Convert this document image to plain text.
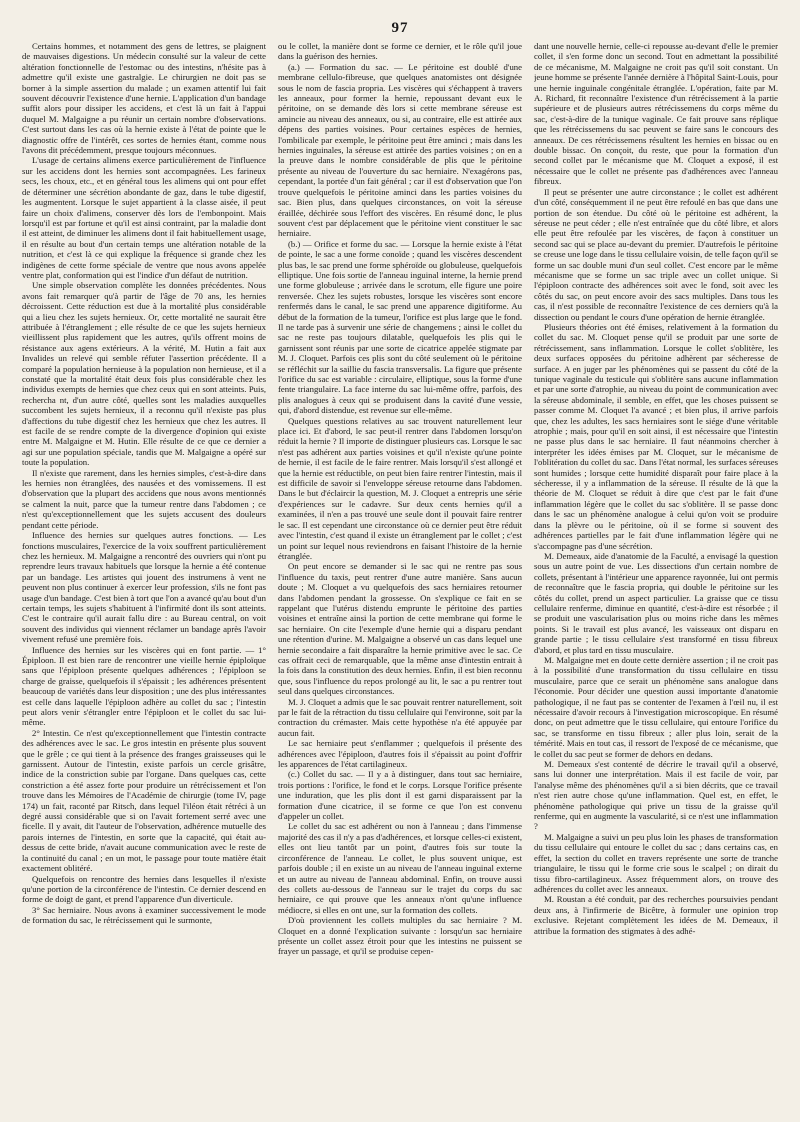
97

Certains hommes, et notamment des gens de lettres, se plaignent de mauvaises digestions. Un médecin consulté sur la valeur de cette altération fonctionnelle de l'estomac ou des intestins, n'hésite pas à admettre qu'il existe une gastralgie. Le chirurgien ne doit pas se borner à la simple assertion du malade ; un examen attentif lui fait souvent découvrir l'existence d'une hernie. L'application d'un bandage suffit alors pour dissiper les accidens, et c'est là un fait à l'appui duquel M. Malgaigne a pu réunir un certain nombre d'observations. C'est surtout dans les cas où la hernie existe à l'état de pointe que le diagnostic offre de l'intérêt, ces sortes de hernies étant, comme nous l'avons dit précédemment, presque toujours méconnues.

L'usage de certains alimens exerce particulièrement de l'influence sur les accidens dont les hernies sont accompagnées. Les farineux secs, les choux, etc., et en général tous les alimens qui ont pour effet de déterminer une sécrétion abondante de gaz, dans le tube digestif, les augmentent. Lorsque le sujet appartient à la classe aisée, il peut faire un choix d'alimens, conserver dès lors de l'embonpoint. Mais lorsqu'il est par fortune et qu'il est ainsi contraint, par la maladie dont il est atteint, de diminuer les alimens dont il fait habituellement usage, il en résulte au bout d'un certain temps une altération notable de la nutrition, et c'est là ce qui explique la fréquence si grande chez les indigènes de cette forme spéciale de ventre que nous avons appelée ventre plat, conformation qui est l'indice d'un défaut de nutrition.

Une simple observation complète les données précédentes. Nous avons fait remarquer qu'à partir de l'âge de 70 ans, les hernies décroissent. Cette réduction est due à la mortalité plus considérable qui a lieu chez les sujets hernieux. Or, cette mortalité ne saurait être attribuée à l'étranglement ; elle résulte de ce que les sujets hernieux vieillissent plus rapidement que les autres, qu'ils offrent moins de résistance aux agens extérieurs. A la vérité, M. Hutin a fait aux Invalides un relevé qui semble réfuter l'assertion précédente. Il a comparé la population hernieuse à la population non hernieuse, et il a constaté que la mortalité était deux fois plus considérable chez les individus exempts de hernies que chez ceux qui en sont atteints. Puis, rechercha nt, d'un autre côté, quelles sont les maladies auxquelles succombent les sujets hernieux, il a reconnu qu'il n'existe pas plus d'affections du tube digestif chez les hernieux que chez les autres. Il est facile de se rendre compte de la divergence d'opinion qui existe entre M. Malgaigne et M. Hutin. Elle résulte de ce que ce dernier a agi sur une population spéciale, tandis que M. Malgaigne a opéré sur toute la population.

Il n'existe que rarement, dans les hernies simples, c'est-à-dire dans les hernies non étranglées, des nausées et des vomissemens. Il est d'observation que la plupart des accidens que nous avons mentionnés se calment la nuit, parce que la tumeur rentre dans l'abdomen ; ce n'est qu'exceptionnellement que les sujets accusent des douleurs pendant cette période.

Influence des hernies sur quelques autres fonctions. — Les fonctions musculaires, l'exercice de la voix souffrent particulièrement chez les hernieux. M. Malgaigne a rencontré des ouvriers qui n'ont pu reprendre leurs travaux habituels que lorsque la hernie a été contenue par un bandage. Les artistes qui jouent des instrumens à vent ne peuvent non plus continuer à exercer leur profession, s'ils ne font pas usage d'un bandage. C'est bien à tort que l'on a avancé qu'au bout d'un certain temps, les sujets s'habituent à l'infirmité dont ils sont atteints. C'est le contraire qu'il aurait fallu dire : au Bureau central, on voit souvent des individus qui viennent réclamer un bandage après l'avoir vivement refusé une première fois.

Influence des hernies sur les viscères qui en font partie. — 1° Épiploon. Il est bien rare de rencontrer une vieille hernie épiploïque sans que l'épiploon présente quelques adhérences ; l'épiploon se charge de graisse, quelquefois il s'épaissit ; les adhérences présentent beaucoup de variétés dans leur disposition ; une des plus intéressantes est celle dans laquelle l'épiploon adhère au collet du sac ; l'intestin peut alors venir s'étrangler entre l'épiploon et le collet du sac lui-même.

2° Intestin. Ce n'est qu'exceptionnellement que l'intestin contracte des adhérences avec le sac. Le gros intestin en présente plus souvent que le grêle ; ce qui tient à la présence des franges graisseuses qui le garnissent. Autour de l'intestin, existe parfois un cercle grisâtre, indice de la constriction subie par l'organe. Dans quelques cas, cette constriction a été assez forte pour produire un rétrécissement et l'on trouve dans les Mémoires de l'Académie de chirurgie (tome IV, page 174) un fait, raconté par Ritsch, dans lequel l'iléon était rétréci à un degré aussi considérable que si on l'avait fortement serré avec une ficelle. Il y avait, dit l'auteur de l'observation, adhérence mutuelle des parois internes de l'intestin, en sorte que la capacité, qui était au-dessus de cette bride, n'avait aucune communication avec le reste de la continuité du canal ; en un mot, le passage pour toute matière était exactement oblitéré.

Quelquefois on rencontre des hernies dans lesquelles il n'existe qu'une portion de la circonférence de l'intestin. Ce dernier descend en forme de doigt de gant, et prend l'apparence d'un diverticule.

3° Sac herniaire. Nous avons à examiner successivement le mode de formation du sac, le rétrécissement qui le surmonte,

ou le collet, la manière dont se forme ce dernier, et le rôle qu'il joue dans la guérison des hernies.

(a.) — Formation du sac. — Le péritoine est doublé d'une membrane cellulo-fibreuse, que quelques anatomistes ont désignée sous le nom de fascia propria. Les viscères qui s'échappent à travers les anneaux, pour former la hernie, repoussant devant eux le péritoine, on se demande dès lors si cette membrane séreuse est amincie au niveau des anneaux, ou si, au contraire, elle est attirée aux dépens des parties voisines. Pour certaines espèces de hernies, l'ombilicale par exemple, le péritoine peut être aminci ; mais dans les hernies inguinales, la séreuse est attirée des parties voisines ; on en a la preuve dans le nombre considérable de plis que le péritoine présente au niveau de l'ouverture du sac herniaire. N'exagérons pas, cependant, la portée d'un fait général ; car il est d'observation que l'on trouve quelquefois le péritoine aminci dans les parties voisines du sac. Bien plus, dans quelques circonstances, on voit la séreuse éraillée, déchirée sous l'effort des viscères. En résumé donc, le plus souvent c'est par déplacement que le péritoine vient constituer le sac herniaire.

(b.) — Orifice et forme du sac. — Lorsque la hernie existe à l'état de pointe, le sac a une forme conoïde ; quand les viscères descendent plus bas, le sac prend une forme sphéroïde ou globuleuse, quelquefois elliptique. Une fois sortie de l'anneau inguinal interne, la hernie prend une forme globuleuse ; arrivée dans le scrotum, elle figure une poire renversée. Chez les sujets robustes, lorsque les viscères sont encore renfermés dans le canal, le sac prend une apparence digitiforme. Au début de la formation de la tumeur, l'orifice est plus large que le fond. Il ne tarde pas à survenir une série de changemens ; ainsi le collet du sac ne reste pas toujours dilatable, quelquefois les plis qui le garnissent sont réunis par une sorte de cicatrice appelée stigmate par M. J. Cloquet. Parfois ces plis sont du côté seulement où le péritoine se réfléchit sur la saillie du fascia transversalis. La figure que présente l'orifice du sac est variable : circulaire, elliptique, sous la forme d'une fente triangulaire. La face interne du sac lui-même offre, parfois, des plis analogues à ceux qui se produisent dans la cavité d'une vessie, qui, d'abord distendue, est revenue sur elle-même.

Quelques questions relatives au sac trouvent naturellement leur place ici. Et d'abord, le sac peut-il rentrer dans l'abdomen lorsqu'on réduit la hernie ? Il importe de distinguer plusieurs cas. Lorsque le sac n'est pas adhérent aux parties voisines et qu'il n'existe qu'une pointe de hernie, il est facile de le faire rentrer. Mais lorsqu'il s'est allongé et que la hernie est réductible, on peut bien faire rentrer l'intestin, mais il est difficile de savoir si l'enveloppe séreuse retourne dans l'abdomen. Dans le but d'éclaircir la question, M. J. Cloquet a entrepris une série d'expériences sur le cadavre. Sur deux cents hernies qu'il a examinées, il n'en a pas trouvé une seule dont il pouvait faire rentrer le sac. Il est cependant une circonstance où ce dernier peut être réduit avec l'intestin, c'est quand il existe un étranglement par le collet ; c'est un point sur lequel nous reviendrons en faisant l'histoire de la hernie étranglée.

On peut encore se demander si le sac qui ne rentre pas sous l'influence du taxis, peut rentrer d'une autre manière. Sans aucun doute ; M. Cloquet a vu quelquefois des sacs herniaires retourner dans l'abdomen pendant la grossesse. On s'explique ce fait en se rappelant que l'utérus distendu emprunte le péritoine des parties voisines et entraîne ainsi la portion de cette membrane qui forme le sac herniaire. On cite l'exemple d'une hernie qui a disparu pendant une rétention d'urine. M. Malgaigne a observé un cas dans lequel une hernie secondaire a fait disparaître la hernie primitive avec le sac. Ce cas offrait ceci de remarquable, que la même anse d'intestin entrait à la fois dans la constitution des deux hernies. Enfin, il est bien reconnu que, sous l'influence du repos prolongé au lit, le sac a pu rentrer tout seul dans quelques circonstances.

M. J. Cloquet a admis que le sac pouvait rentrer naturellement, soit par le fait de la rétraction du tissu cellulaire qui l'environne, soit par la contraction du crémaster. Mais cette hypothèse n'a été appuyée par aucun fait.

Le sac herniaire peut s'enflammer ; quelquefois il présente des adhérences avec l'épiploon, d'autres fois il s'épaissit au point d'offrir les apparences de l'état cartilagineux.

(c.) Collet du sac. — Il y a à distinguer, dans tout sac herniaire, trois portions : l'orifice, le fond et le corps. Lorsque l'orifice présente une induration, que les plis dont il est garni disparaissent par la formation d'une cicatrice, il se forme ce que l'on est convenu d'appeler un collet.

Le collet du sac est adhérent ou non à l'anneau ; dans l'immense majorité des cas il n'y a pas d'adhérences, et lorsque celles-ci existent, elles ont lieu tantôt par un point, d'autres fois sur toute la circonférence de l'anneau. Le collet, le plus souvent unique, est parfois double ; il en existe un au niveau de l'anneau inguinal externe et un autre au niveau de l'anneau abdominal. Enfin, on trouve aussi des collets au-dessous de l'anneau sur le trajet du corps du sac herniaire, ce qui prouve que les anneaux n'ont qu'une influence médiocre, si elles en ont une, sur la formation des collets.

D'où proviennent les collets multiples du sac herniaire ? M. Cloquet en a donné l'explication suivante : lorsqu'un sac herniaire présente un collet assez étroit pour que les intestins ne puissent se frayer un passage, et qu'il se produise cepen-

dant une nouvelle hernie, celle-ci repousse au-devant d'elle le premier collet, il s'en forme donc un second. Tout en admettant la possibilité de ce mécanisme, M. Malgaigne ne croit pas qu'il soit constant. Un jeune homme se présente l'année dernière à l'hôpital Saint-Louis, pour une hernie inguinale congénitale étranglée. L'opération, faite par M. A. Richard, fit reconnaître l'existence d'un rétrécissement à la partie supérieure et de plusieurs autres rétrécissemens du corps même du sac, c'est-à-dire de la tunique vaginale. Ce fait prouve sans réplique que les rétrécissemens du sac peuvent se faire sans le concours des anneaux. De ces rétrécissemens résultent les hernies en bissac ou en double bissac. On conçoit, du reste, que pour la formation d'un second collet par le mécanisme que M. Cloquet a exposé, il est nécessaire que le collet ne présente pas d'adhérences avec l'anneau fibreux.

Il peut se présenter une autre circonstance ; le collet est adhérent d'un côté, conséquemment il ne peut être refoulé en bas que dans une portion de son étendue. Du côté où le péritoine est adhérent, la séreuse ne peut céder ; elle n'est entraînée que du côté libre, et alors elle peut être refoulée par les viscères, de façon à constituer un second sac qui se place au-devant du premier. D'autrefois le péritoine se creuse une loge dans le tissu cellulaire voisin, de telle façon qu'il se forme un sac double muni d'un seul collet. C'est encore par le même mécanisme que se forme un sac triple avec un collet unique. Si l'épiploon contracte des adhérences soit avec le fond, soit avec les côtés du sac, on peut encore avoir des sacs multiples. Dans tous les cas, il n'est possible de reconnaître l'existence de ces derniers qu'à la dissection ou pendant le cours d'une opération de hernie étranglée.

Plusieurs théories ont été émises, relativement à la formation du collet du sac. M. Cloquet pense qu'il se produit par une sorte de rétrécissement, sans inflammation. Lorsque le collet s'oblitère, les deux surfaces opposées du péritoine adhèrent par sécheresse de surface. A en juger par les phénomènes qui se passent du côté de la tunique vaginale du testicule qui s'oblitère sans aucune inflammation et par une sorte d'atrophie, au niveau du point de communication avec la séreuse abdominale, il semble, en effet, que les choses puissent se passer comme M. Cloquet l'a avancé ; et bien plus, il arrive parfois que, chez les adultes, les sacs herniaires sont le siége d'une véritable atrophie ; mais, pour qu'il en soit ainsi, il est nécessaire que l'intestin ne passe plus dans le sac herniaire. Il faut néanmoins chercher à interpréter les idées émises par M. Cloquet, sur le mécanisme de l'oblitération du collet du sac. Dans l'état normal, les surfaces séreuses sont humides ; lorsque cette humidité disparaît pour faire place à la sécheresse, il y a inflammation de la séreuse. Il résulte de là que la théorie de M. Cloquet se réduit à dire que c'est par le fait d'une inflammation légère que le collet du sac s'oblitère. Il se passe donc dans le sac un phénomène analogue à celui qu'on voit se produire dans la plèvre ou le péritoine, où il se forme si souvent des adhérences partielles par le fait d'une inflammation légère qui ne s'accompagne pas d'une sécrétion.

M. Demeaux, aide d'anatomie de la Faculté, a envisagé la question sous un autre point de vue. Les dissections d'un certain nombre de collets, présentant à l'intérieur une apparence rayonnée, lui ont permis de reconnaître que le fascia propria, qui double le péritoine sur les côtés du collet, prend un aspect particulier. La graisse que ce tissu cellulaire renferme, diminue en quantité, c'est-à-dire est résorbée ; il se produit une vascularisation plus ou moins riche dans les mêmes points. Si le travail est plus avancé, les vaisseaux ont disparu en grande partie ; le tissu cellulaire s'est transformé en tissu fibreux d'abord, et plus tard en tissu musculaire.

M. Malgaigne met en doute cette dernière assertion ; il ne croit pas à la possibilité d'une transformation du tissu cellulaire en tissu musculaire, parce que ce serait un phénomène sans analogue dans l'économie. Pour décider une question aussi importante d'anatomie pathologique, il ne faut pas se contenter de l'examen à l'œil nu, il est nécessaire d'avoir recours à l'investigation microscopique. En résumé donc, on peut admettre que le tissu cellulaire, qui entoure l'orifice du sac, se transforme en tissu fibreux ; aller plus loin, serait de la témérité. Mais en tout cas, il ressort de l'exposé de ce mécanisme, que le collet du sac peut se former de dehors en dedans.

M. Demeaux s'est contenté de décrire le travail qu'il a observé, sans lui donner une interprétation. Mais il est facile de voir, par l'analyse même des phénomènes qu'il a si bien décrits, que ce travail n'est rien autre chose qu'une inflammation. Quel est, en effet, le phénomène pathologique qui prive un tissu de la graisse qu'il renferme, qui en augmente la vascularité, si ce n'est une inflammation ?

M. Malgaigne a suivi un peu plus loin les phases de transformation du tissu cellulaire qui entoure le collet du sac ; dans certains cas, en effet, la section du collet en travers représente une sorte de tranche triangulaire, le tissu qui le forme crie sous le scalpel ; on dirait du tissu fibro-cartilagineux. Assez fréquemment alors, on trouve des adhérences du collet avec les anneaux.

M. Roustan a été conduit, par des recherches poursuivies pendant deux ans, à l'infirmerie de Bicêtre, à formuler une opinion trop exclusive. Rejetant complètement les idées de M. Demeaux, il attribue la formation des stigmates à des adhé-
